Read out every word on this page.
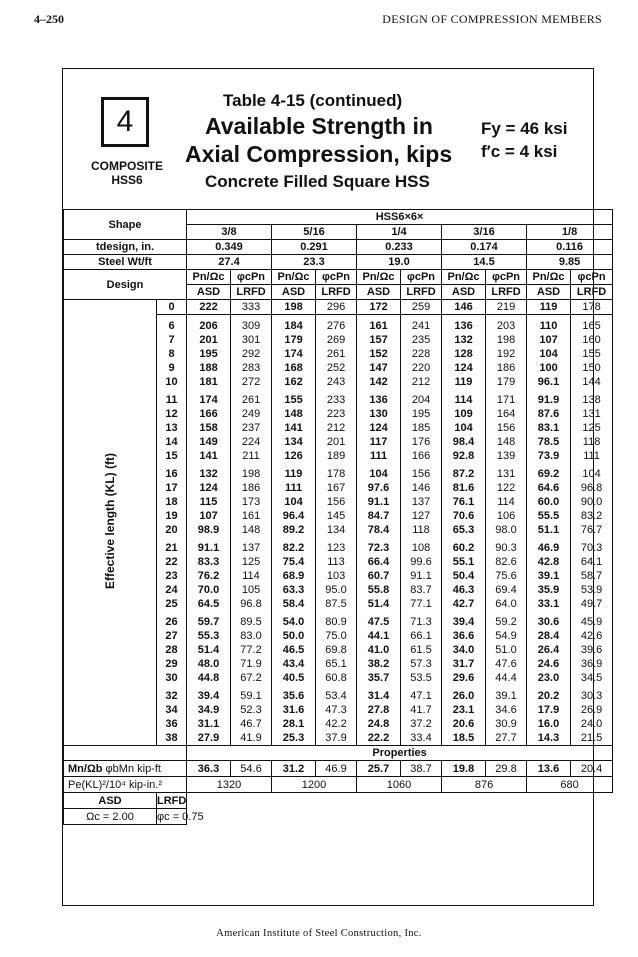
4–250	DESIGN OF COMPRESSION MEMBERS
4
COMPOSITE
HSS6
Table 4-15 (continued)
Available Strength in
Axial Compression, kips
Concrete Filled Square HSS
Fy = 46 ksi
f′c = 4 ksi
Shape		HSS6×6×									
		3/8		5/16		1/4		3/16		1/8	
tdesign, in.		0.349		0.291		0.233		0.174		0.116	
Steel Wt/ft		27.4		23.3		19.0		14.5		9.85	
Design		Pn/Ωc	φcPn	Pn/Ωc	φcPn	Pn/Ωc	φcPn	Pn/Ωc	φcPn	Pn/Ωc	φcPn
		ASD	LRFD	ASD	LRFD	ASD	LRFD	ASD	LRFD	ASD	LRFD
Effective length (KL) (ft)	0	222	333	198	296	172	259	146	219	119	178

	6	206	309	184	276	161	241	136	203	110	165
	7	201	301	179	269	157	235	132	198	107	160
	8	195	292	174	261	152	228	128	192	104	155
	9	188	283	168	252	147	220	124	186	100	150
	10	181	272	162	243	142	212	119	179	96.1	144

	11	174	261	155	233	136	204	114	171	91.9	138
	12	166	249	148	223	130	195	109	164	87.6	131
	13	158	237	141	212	124	185	104	156	83.1	125
	14	149	224	134	201	117	176	98.4	148	78.5	118
	15	141	211	126	189	111	166	92.8	139	73.9	111

	16	132	198	119	178	104	156	87.2	131	69.2	104
	17	124	186	111	167	97.6	146	81.6	122	64.6	96.8
	18	115	173	104	156	91.1	137	76.1	114	60.0	90.0
	19	107	161	96.4	145	84.7	127	70.6	106	55.5	83.2
	20	98.9	148	89.2	134	78.4	118	65.3	98.0	51.1	76.7

	21	91.1	137	82.2	123	72.3	108	60.2	90.3	46.9	70.3
	22	83.3	125	75.4	113	66.4	99.6	55.1	82.6	42.8	64.1
	23	76.2	114	68.9	103	60.7	91.1	50.4	75.6	39.1	58.7
	24	70.0	105	63.3	95.0	55.8	83.7	46.3	69.4	35.9	53.9
	25	64.5	96.8	58.4	87.5	51.4	77.1	42.7	64.0	33.1	49.7

	26	59.7	89.5	54.0	80.9	47.5	71.3	39.4	59.2	30.6	45.9
	27	55.3	83.0	50.0	75.0	44.1	66.1	36.6	54.9	28.4	42.6
	28	51.4	77.2	46.5	69.8	41.0	61.5	34.0	51.0	26.4	39.6
	29	48.0	71.9	43.4	65.1	38.2	57.3	31.7	47.6	24.6	36.9
	30	44.8	67.2	40.5	60.8	35.7	53.5	29.6	44.4	23.0	34.5

	32	39.4	59.1	35.6	53.4	31.4	47.1	26.0	39.1	20.2	30.3
	34	34.9	52.3	31.6	47.3	27.8	41.7	23.1	34.6	17.9	26.9
	36	31.1	46.7	28.1	42.2	24.8	37.2	20.6	30.9	16.0	24.0
	38	27.9	41.9	25.3	37.9	22.2	33.4	18.5	27.7	14.3	21.5
		Properties									
Mn/Ωb φbMn kip-ft		36.3	54.6	31.2	46.9	25.7	38.7	19.8	29.8	13.6	20.4
Pe(KL)²/10⁴ kip-in.²		1320		1200		1060		876		680	
ASD	LRFD										
Ωc = 2.00	φc = 0.75										
American Institute of Steel Construction, Inc.
